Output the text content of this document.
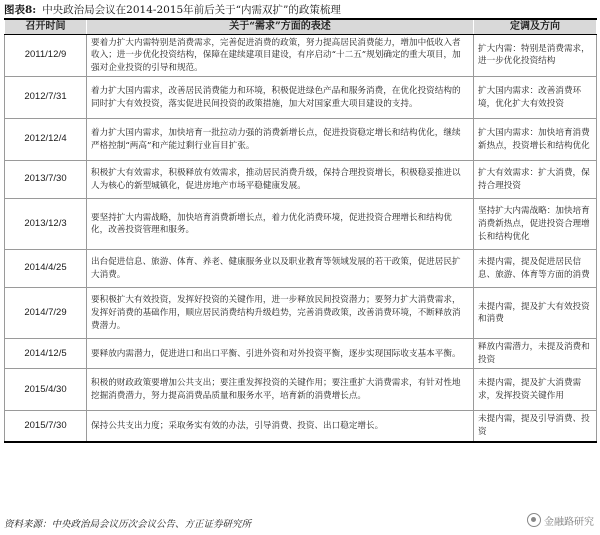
图表8: 中央政治局会议在2014-2015年前后关于“内需双扩”的政策梳理
召开时间	关于“需求”方面的表述	定调及方向
2011/12/9	要着力扩大内需特别是消费需求，完善促进消费的政策，努力提高居民消费能力，增加中低收入者收入；进一步优化投资结构，保障在建续建项目建设，有序启动“十二五”规划确定的重大项目，加强对企业投资的引导和规范。	扩大内需：特别是消费需求，进一步优化投资结构
2012/7/31	着力扩大国内需求，改善居民消费能力和环境，积极促进绿色产品和服务消费，在优化投资结构的同时扩大有效投资，落实促进民间投资的政策措施，加大对国家重大项目建设的支持。	扩大国内需求：改善消费环境，优化扩大有效投资
2012/12/4	着力扩大国内需求，加快培育一批拉动力强的消费新增长点，促进投资稳定增长和结构优化，继续严格控制“两高”和产能过剩行业盲目扩张。	扩大国内需求：加快培育消费新热点，投资增长和结构优化
2013/7/30	积极扩大有效需求，积极释放有效需求，推动居民消费升级，保持合理投资增长，积极稳妥推进以人为核心的新型城镇化，促进房地产市场平稳健康发展。	扩大有效需求：扩大消费，保持合理投资
2013/12/3	要坚持扩大内需战略，加快培育消费新增长点，着力优化消费环境，促进投资合理增长和结构优化，改善投资管理和服务。	坚持扩大内需战略：加快培育消费新热点，促进投资合理增长和结构优化
2014/4/25	出台促进信息、旅游、体育、养老、健康服务业以及职业教育等领域发展的若干政策，促进居民扩大消费。	未提内需，提及促进居民信息、旅游、体育等方面的消费
2014/7/29	要积极扩大有效投资，发挥好投资的关键作用，进一步释放民间投资潜力；要努力扩大消费需求，发挥好消费的基础作用，顺应居民消费结构升级趋势，完善消费政策，改善消费环境，不断释放消费潜力。	未提内需，提及扩大有效投资和消费
2014/12/5	要释放内需潜力，促进进口和出口平衡、引进外资和对外投资平衡，逐步实现国际收支基本平衡。	释放内需潜力，未提及消费和投资
2015/4/30	积极的财政政策要增加公共支出；要注重发挥投资的关键作用；要注重扩大消费需求，有针对性地挖掘消费潜力，努力提高消费品质量和服务水平，培育新的消费增长点。	未提内需，提及扩大消费需求，发挥投资关键作用
2015/7/30	保持公共支出力度；采取务实有效的办法，引导消费、投资、出口稳定增长。	未提内需，提及引导消费、投资
资料来源：中央政治局会议历次会议公告、方正证券研究所	金融路研究
